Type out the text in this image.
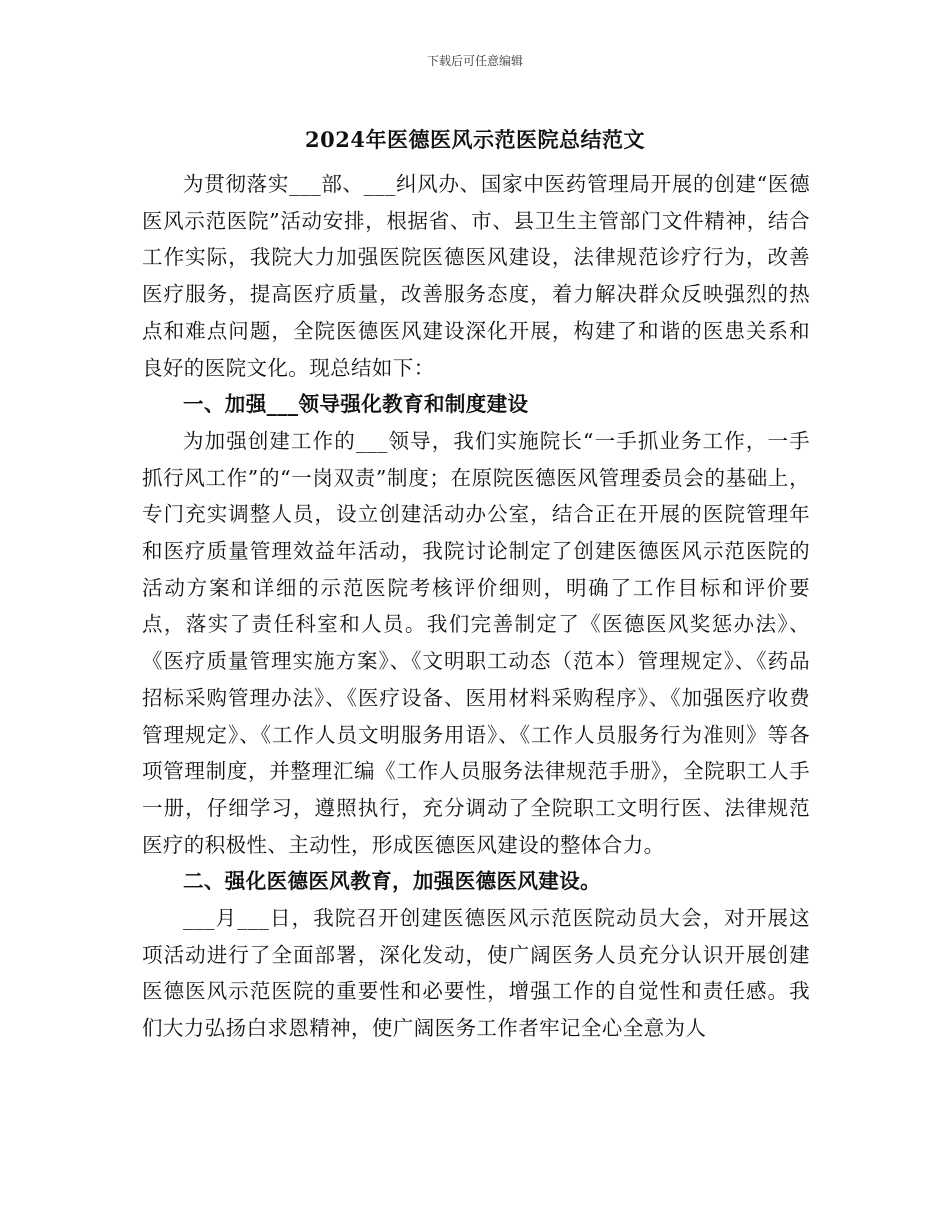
下载后可任意编辑
2024年医德医风示范医院总结范文

为贯彻落实___部、___纠风办、国家中医药管理局开展的创建“医德医风示范医院”活动安排，根据省、市、县卫生主管部门文件精神，结合工作实际，我院大力加强医院医德医风建设，法律规范诊疗行为，改善医疗服务，提高医疗质量，改善服务态度，着力解决群众反映强烈的热点和难点问题，全院医德医风建设深化开展，构建了和谐的医患关系和良好的医院文化。现总结如下：

一、加强___领导强化教育和制度建设

为加强创建工作的___领导，我们实施院长“一手抓业务工作，一手抓行风工作”的“一岗双责”制度；在原院医德医风管理委员会的基础上，专门充实调整人员，设立创建活动办公室，结合正在开展的医院管理年和医疗质量管理效益年活动，我院讨论制定了创建医德医风示范医院的活动方案和详细的示范医院考核评价细则，明确了工作目标和评价要点，落实了责任科室和人员。我们完善制定了《医德医风奖惩办法》、《医疗质量管理实施方案》、《文明职工动态（范本）管理规定》、《药品招标采购管理办法》、《医疗设备、医用材料采购程序》、《加强医疗收费管理规定》、《工作人员文明服务用语》、《工作人员服务行为准则》等各项管理制度，并整理汇编《工作人员服务法律规范手册》，全院职工人手一册，仔细学习，遵照执行，充分调动了全院职工文明行医、法律规范医疗的积极性、主动性，形成医德医风建设的整体合力。

二、强化医德医风教育，加强医德医风建设。

___月___日，我院召开创建医德医风示范医院动员大会，对开展这项活动进行了全面部署，深化发动，使广阔医务人员充分认识开展创建医德医风示范医院的重要性和必要性，增强工作的自觉性和责任感。我们大力弘扬白求恩精神，使广阔医务工作者牢记全心全意为人
